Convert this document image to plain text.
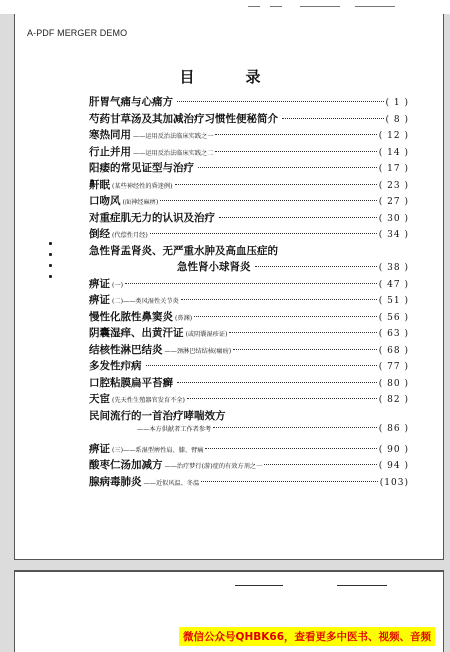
A-PDF MERGER DEMO
目　录
肝胃气痛与心痛方	( 1 )
芍药甘草汤及其加减治疗习惯性便秘简介	( 8 )
寒热同用 ——运用反治法临床实践之一	( 12 )
行止并用 ——运用反治法临床实践之二	( 14 )
阳痿的常见证型与治疗	( 17 )
鼾眠 (某些神经性的昏迷例)	( 23 )
口吻风 (面神经麻痹)	( 27 )
对重症肌无力的认识及治疗	( 30 )
倒经 (代偿性月经)	( 34 )
急性肾盂肾炎、无严重水肿及高血压症的
急性肾小球肾炎	( 38 )
痹证 (一)	( 47 )
痹证 (二)——类风湿性关节炎	( 51 )
慢性化脓性鼻窦炎 (鼻渊)	( 56 )
阴囊湿痒、出黄汗证 (或阴囊湿疹证)	( 63 )
结核性淋巴结炎 ——颈淋巴结结核(瘰疬)	( 68 )
多发性疖病	( 77 )
口腔粘膜扁平苔癣	( 80 )
天宦 (先天性生殖器官发育不全)	( 82 )
民间流行的一首治疗哮喘效方
——本方供献者工作者参考	( 86 )
痹证 (三)——系湿型痹性肩、膝、臂痛	( 90 )
酸枣仁汤加减方 ——治疗梦行(游)症的有效方剂之一	( 94 )
腺病毒肺炎 ——近似风温、冬温	(103)
微信公众号QHBK66，查看更多中医书、视频、音频
